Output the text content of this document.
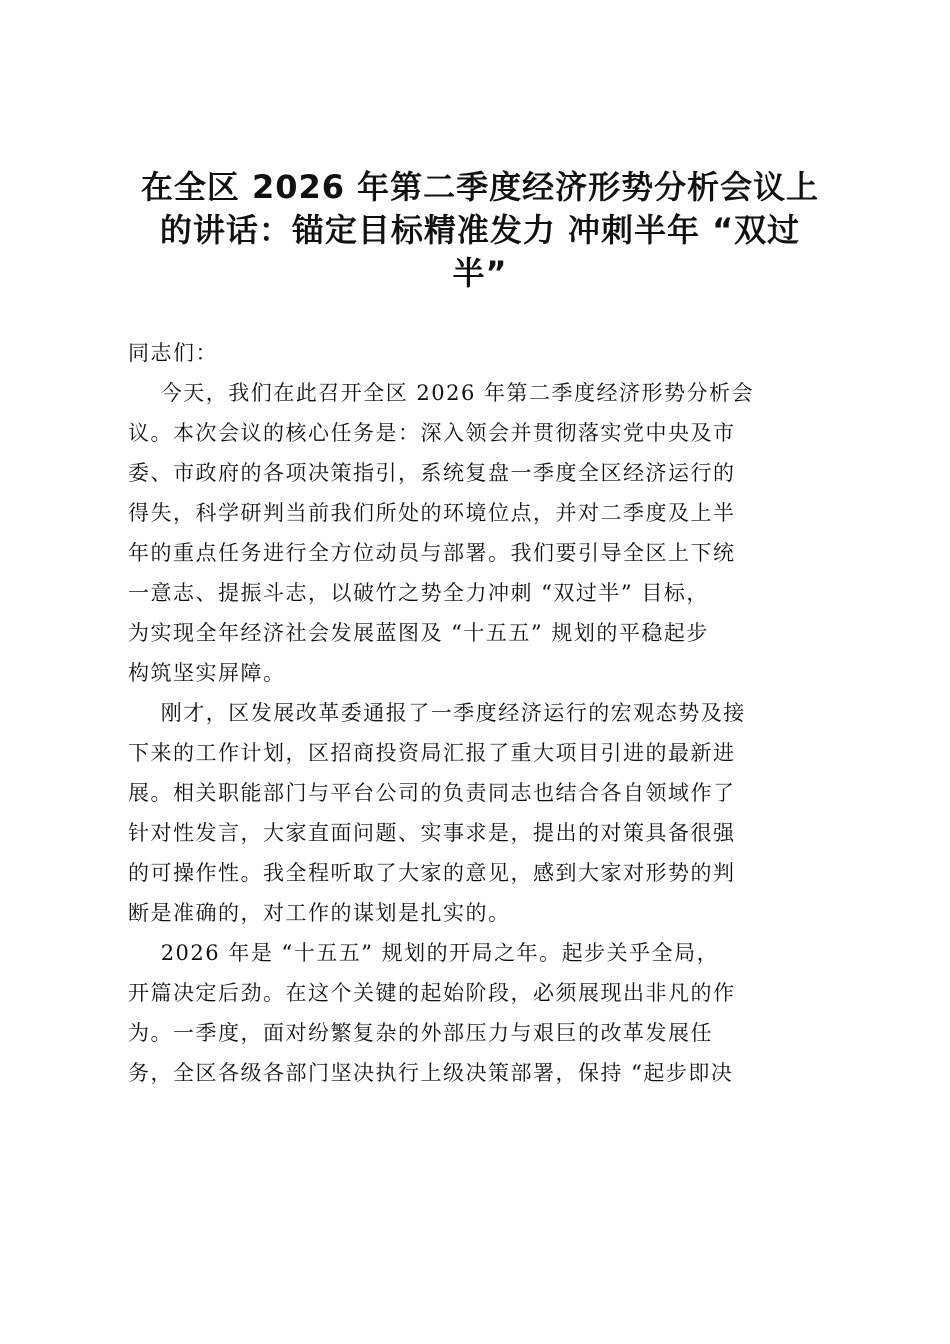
在全区 2026 年第二季度经济形势分析会议上
的讲话：锚定目标精准发力 冲刺半年 “双过
半”
同志们：
今天，我们在此召开全区 2026 年第二季度经济形势分析会
议。本次会议的核心任务是：深入领会并贯彻落实党中央及市
委、市政府的各项决策指引，系统复盘一季度全区经济运行的
得失，科学研判当前我们所处的环境位点，并对二季度及上半
年的重点任务进行全方位动员与部署。我们要引导全区上下统
一意志、提振斗志，以破竹之势全力冲刺 “双过半” 目标，
为实现全年经济社会发展蓝图及 “十五五” 规划的平稳起步
构筑坚实屏障。
刚才，区发展改革委通报了一季度经济运行的宏观态势及接
下来的工作计划，区招商投资局汇报了重大项目引进的最新进
展。相关职能部门与平台公司的负责同志也结合各自领域作了
针对性发言，大家直面问题、实事求是，提出的对策具备很强
的可操作性。我全程听取了大家的意见，感到大家对形势的判
断是准确的，对工作的谋划是扎实的。
2026 年是 “十五五” 规划的开局之年。起步关乎全局，
开篇决定后劲。在这个关键的起始阶段，必须展现出非凡的作
为。一季度，面对纷繁复杂的外部压力与艰巨的改革发展任
务，全区各级各部门坚决执行上级决策部署，保持 “起步即决
